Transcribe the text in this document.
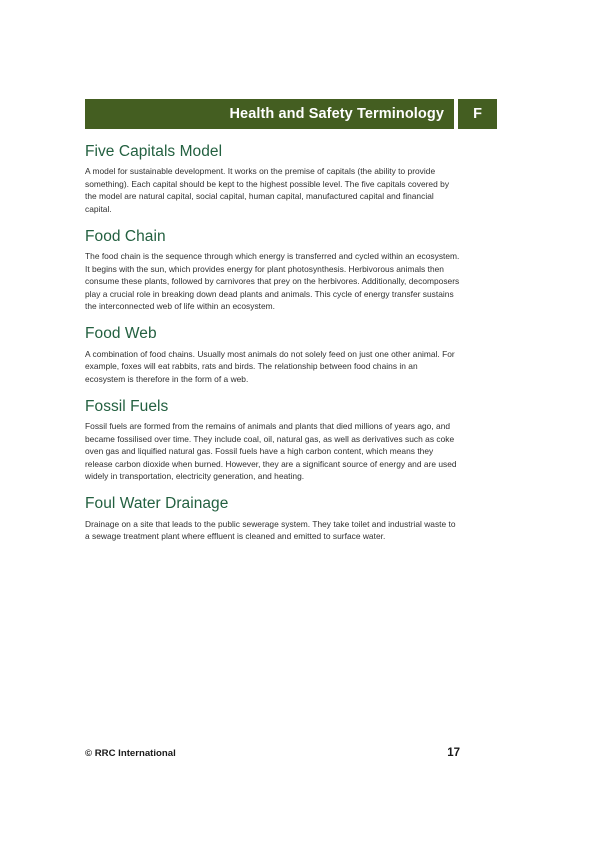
Health and Safety Terminology F
Five Capitals Model

A model for sustainable development. It works on the premise of capitals (the ability to provide something). Each capital should be kept to the highest possible level. The five capitals covered by the model are natural capital, social capital, human capital, manufactured capital and financial capital.

Food Chain

The food chain is the sequence through which energy is transferred and cycled within an ecosystem. It begins with the sun, which provides energy for plant photosynthesis. Herbivorous animals then consume these plants, followed by carnivores that prey on the herbivores. Additionally, decomposers play a crucial role in breaking down dead plants and animals. This cycle of energy transfer sustains the interconnected web of life within an ecosystem.

Food Web

A combination of food chains. Usually most animals do not solely feed on just one other animal. For example, foxes will eat rabbits, rats and birds. The relationship between food chains in an ecosystem is therefore in the form of a web.

Fossil Fuels

Fossil fuels are formed from the remains of animals and plants that died millions of years ago, and became fossilised over time. They include coal, oil, natural gas, as well as derivatives such as coke oven gas and liquified natural gas. Fossil fuels have a high carbon content, which means they release carbon dioxide when burned. However, they are a significant source of energy and are used widely in transportation, electricity generation, and heating.

Foul Water Drainage

Drainage on a site that leads to the public sewerage system. They take toilet and industrial waste to a sewage treatment plant where effluent is cleaned and emitted to surface water.

© RRC International	17
